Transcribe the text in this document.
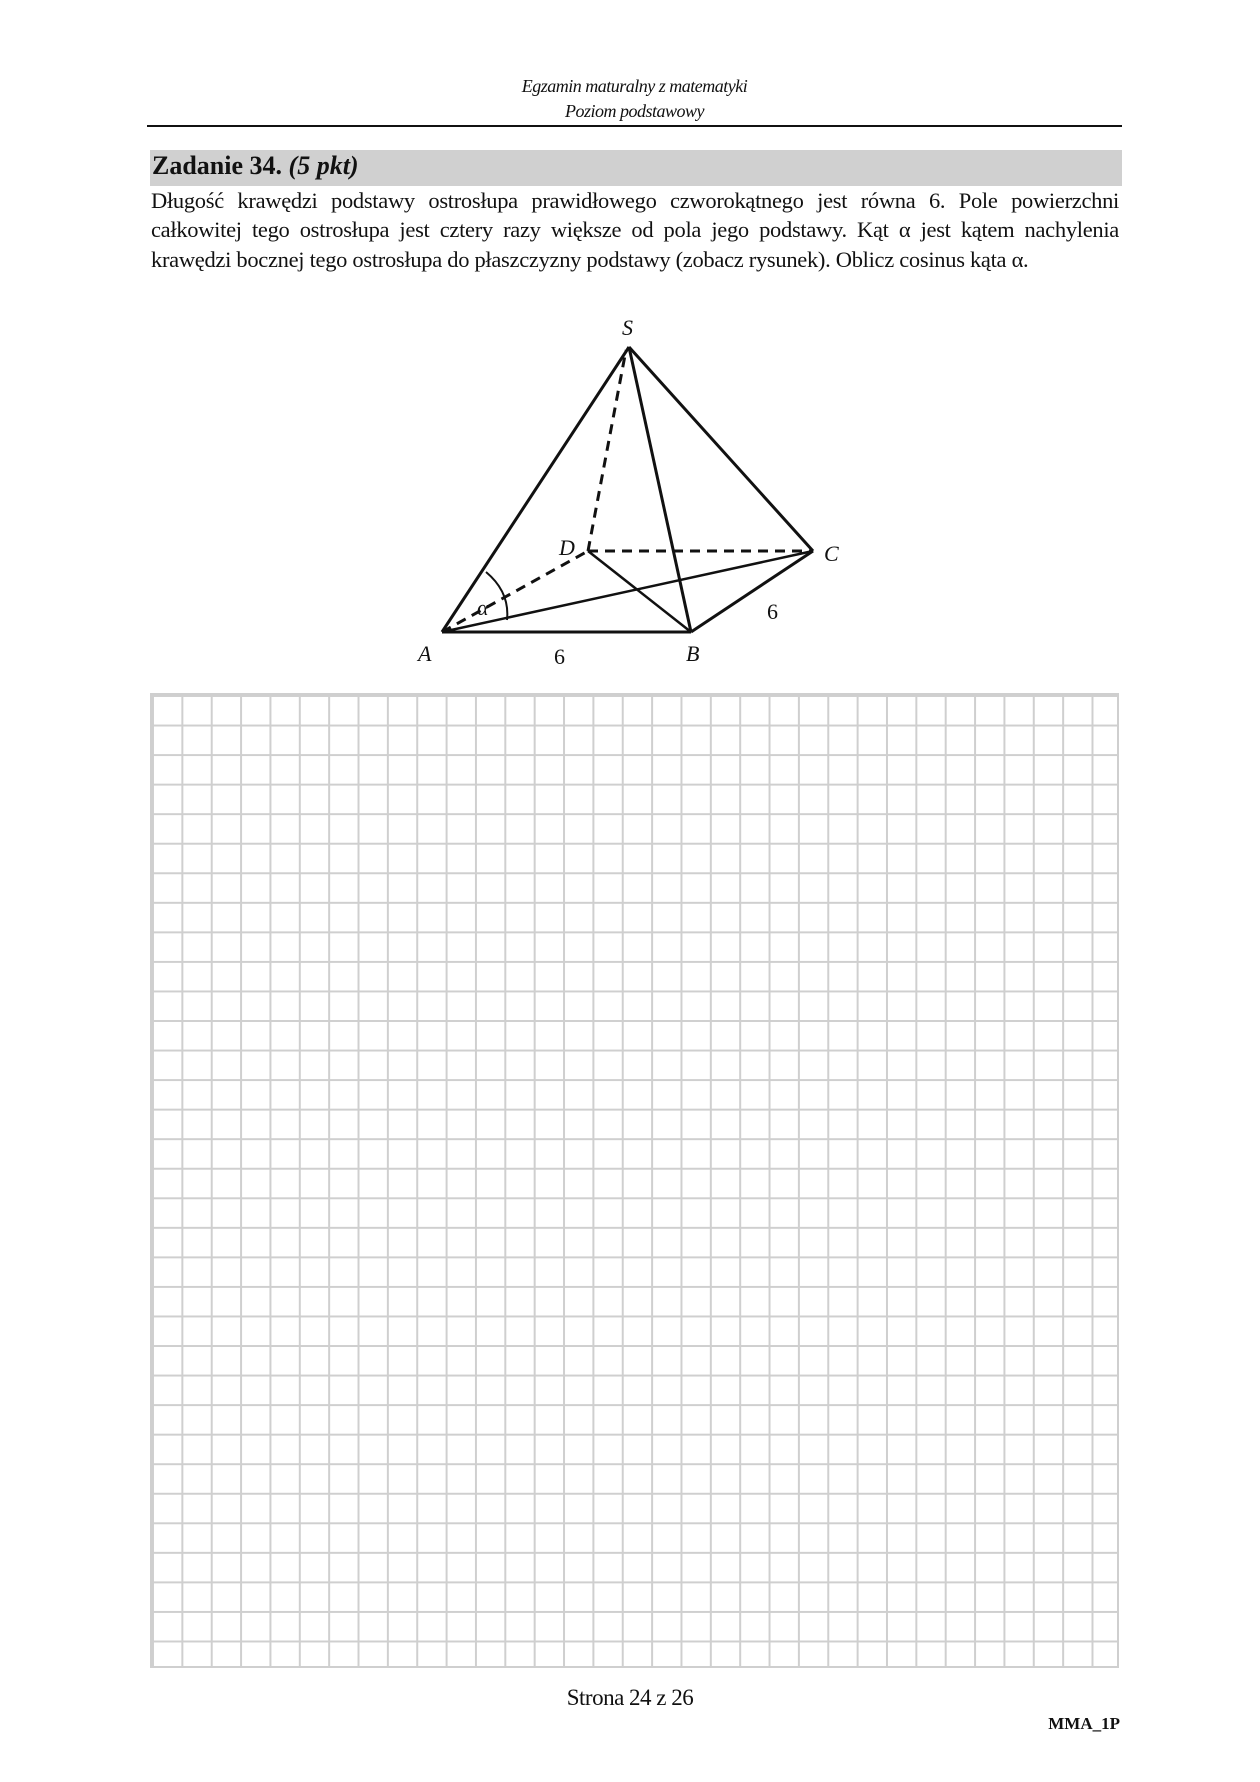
Egzamin maturalny z matematyki
Poziom podstawowy
Zadanie 34. (5 pkt)
Długość krawędzi podstawy ostrosłupa prawidłowego czworokątnego jest równa 6. Pole powierzchni całkowitej tego ostrosłupa jest cztery razy większe od pola jego podstawy. Kąt α jest kątem nachylenia krawędzi bocznej tego ostrosłupa do płaszczyzny podstawy (zobacz rysunek). Oblicz cosinus kąta α.
S
D	C
A	B
α
6
6
Strona 24 z 26
MMA_1P
